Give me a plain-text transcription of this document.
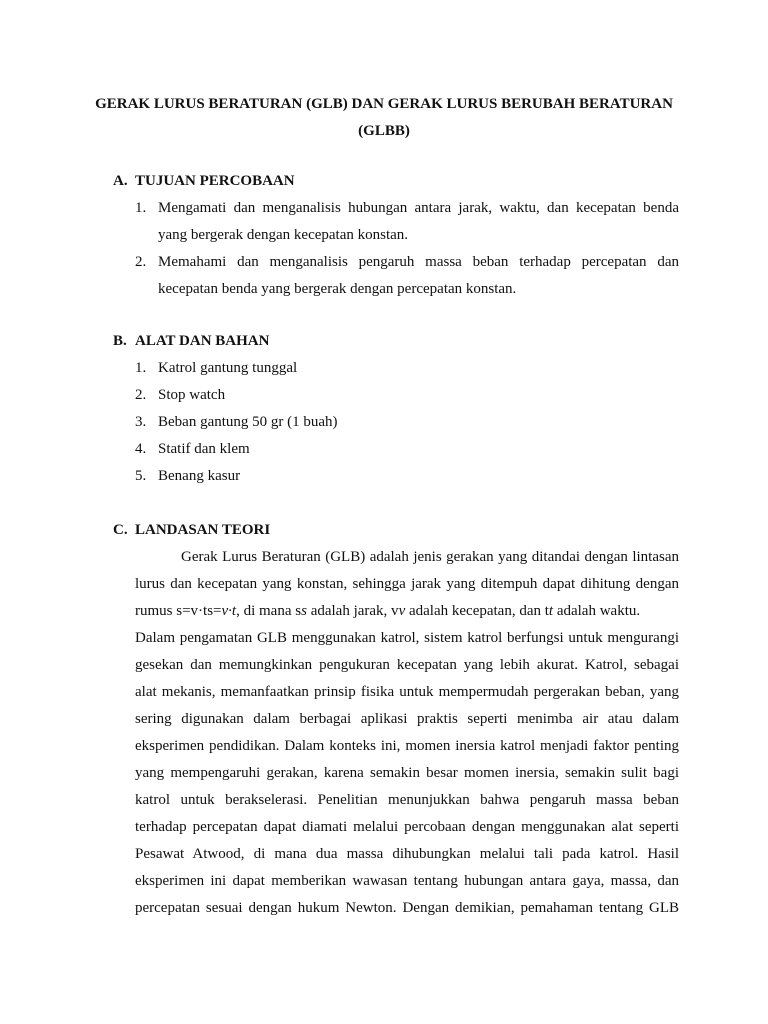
GERAK LURUS BERATURAN (GLB) DAN GERAK LURUS BERUBAH BERATURAN
(GLBB)
A. TUJUAN PERCOBAAN
1. Mengamati dan menganalisis hubungan antara jarak, waktu, dan kecepatan benda
yang bergerak dengan kecepatan konstan.
2. Memahami dan menganalisis pengaruh massa beban terhadap percepatan dan
kecepatan benda yang bergerak dengan percepatan konstan.
B. ALAT DAN BAHAN
1. Katrol gantung tunggal
2. Stop watch
3. Beban gantung 50 gr (1 buah)
4. Statif dan klem
5. Benang kasur
C. LANDASAN TEORI
Gerak Lurus Beraturan (GLB) adalah jenis gerakan yang ditandai dengan lintasan
lurus dan kecepatan yang konstan, sehingga jarak yang ditempuh dapat dihitung dengan
rumus s=v·ts=v·t, di mana ss adalah jarak, vv adalah kecepatan, dan tt adalah waktu.
Dalam pengamatan GLB menggunakan katrol, sistem katrol berfungsi untuk mengurangi
gesekan dan memungkinkan pengukuran kecepatan yang lebih akurat. Katrol, sebagai
alat mekanis, memanfaatkan prinsip fisika untuk mempermudah pergerakan beban, yang
sering digunakan dalam berbagai aplikasi praktis seperti menimba air atau dalam
eksperimen pendidikan. Dalam konteks ini, momen inersia katrol menjadi faktor penting
yang mempengaruhi gerakan, karena semakin besar momen inersia, semakin sulit bagi
katrol untuk berakselerasi. Penelitian menunjukkan bahwa pengaruh massa beban
terhadap percepatan dapat diamati melalui percobaan dengan menggunakan alat seperti
Pesawat Atwood, di mana dua massa dihubungkan melalui tali pada katrol. Hasil
eksperimen ini dapat memberikan wawasan tentang hubungan antara gaya, massa, dan
percepatan sesuai dengan hukum Newton. Dengan demikian, pemahaman tentang GLB
